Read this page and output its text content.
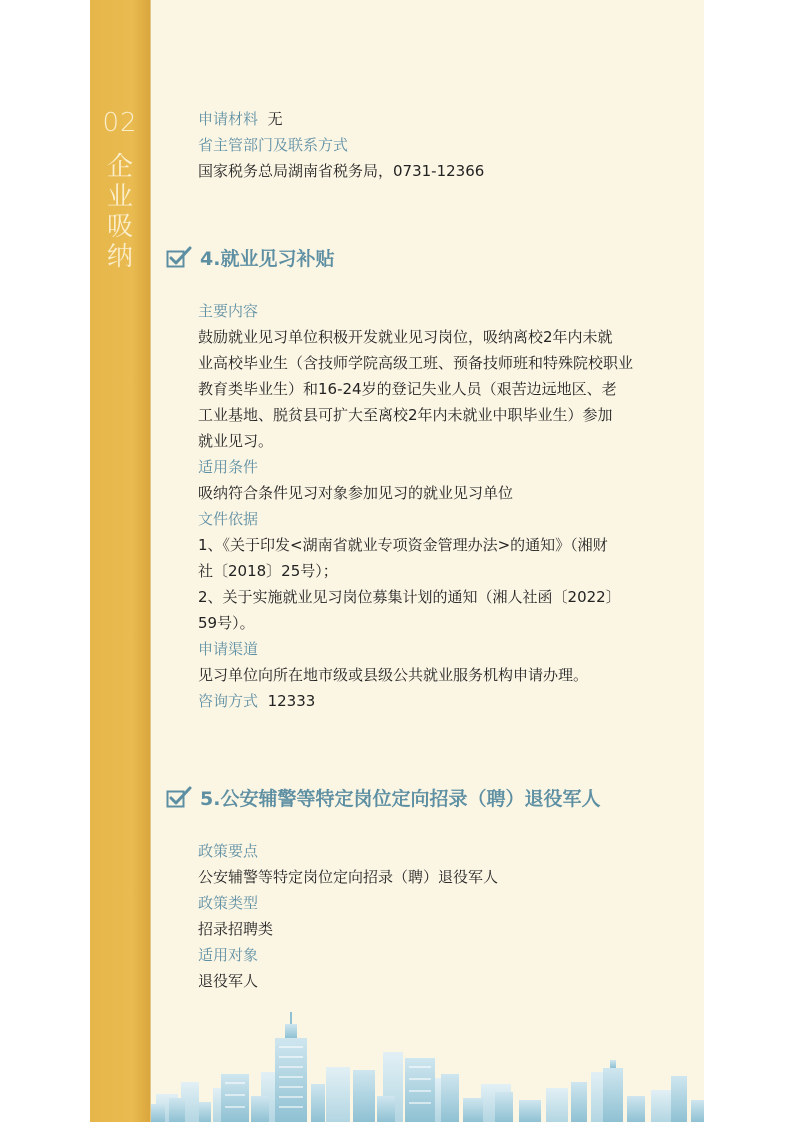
02
企
业
吸
纳
申请材料 无
省主管部门及联系方式
国家税务总局湖南省税务局，0731-12366
4.就业见习补贴
主要内容
鼓励就业见习单位积极开发就业见习岗位，吸纳离校2年内未就
业高校毕业生（含技师学院高级工班、预备技师班和特殊院校职业
教育类毕业生）和16-24岁的登记失业人员（艰苦边远地区、老
工业基地、脱贫县可扩大至离校2年内未就业中职毕业生）参加
就业见习。
适用条件
吸纳符合条件见习对象参加见习的就业见习单位
文件依据
1、《关于印发<湖南省就业专项资金管理办法>的通知》（湘财
社〔2018〕25号）；
2、关于实施就业见习岗位募集计划的通知（湘人社函〔2022〕
59号）。
申请渠道
见习单位向所在地市级或县级公共就业服务机构申请办理。
咨询方式 12333
5.公安辅警等特定岗位定向招录（聘）退役军人
政策要点
公安辅警等特定岗位定向招录（聘）退役军人
政策类型
招录招聘类
适用对象
退役军人
